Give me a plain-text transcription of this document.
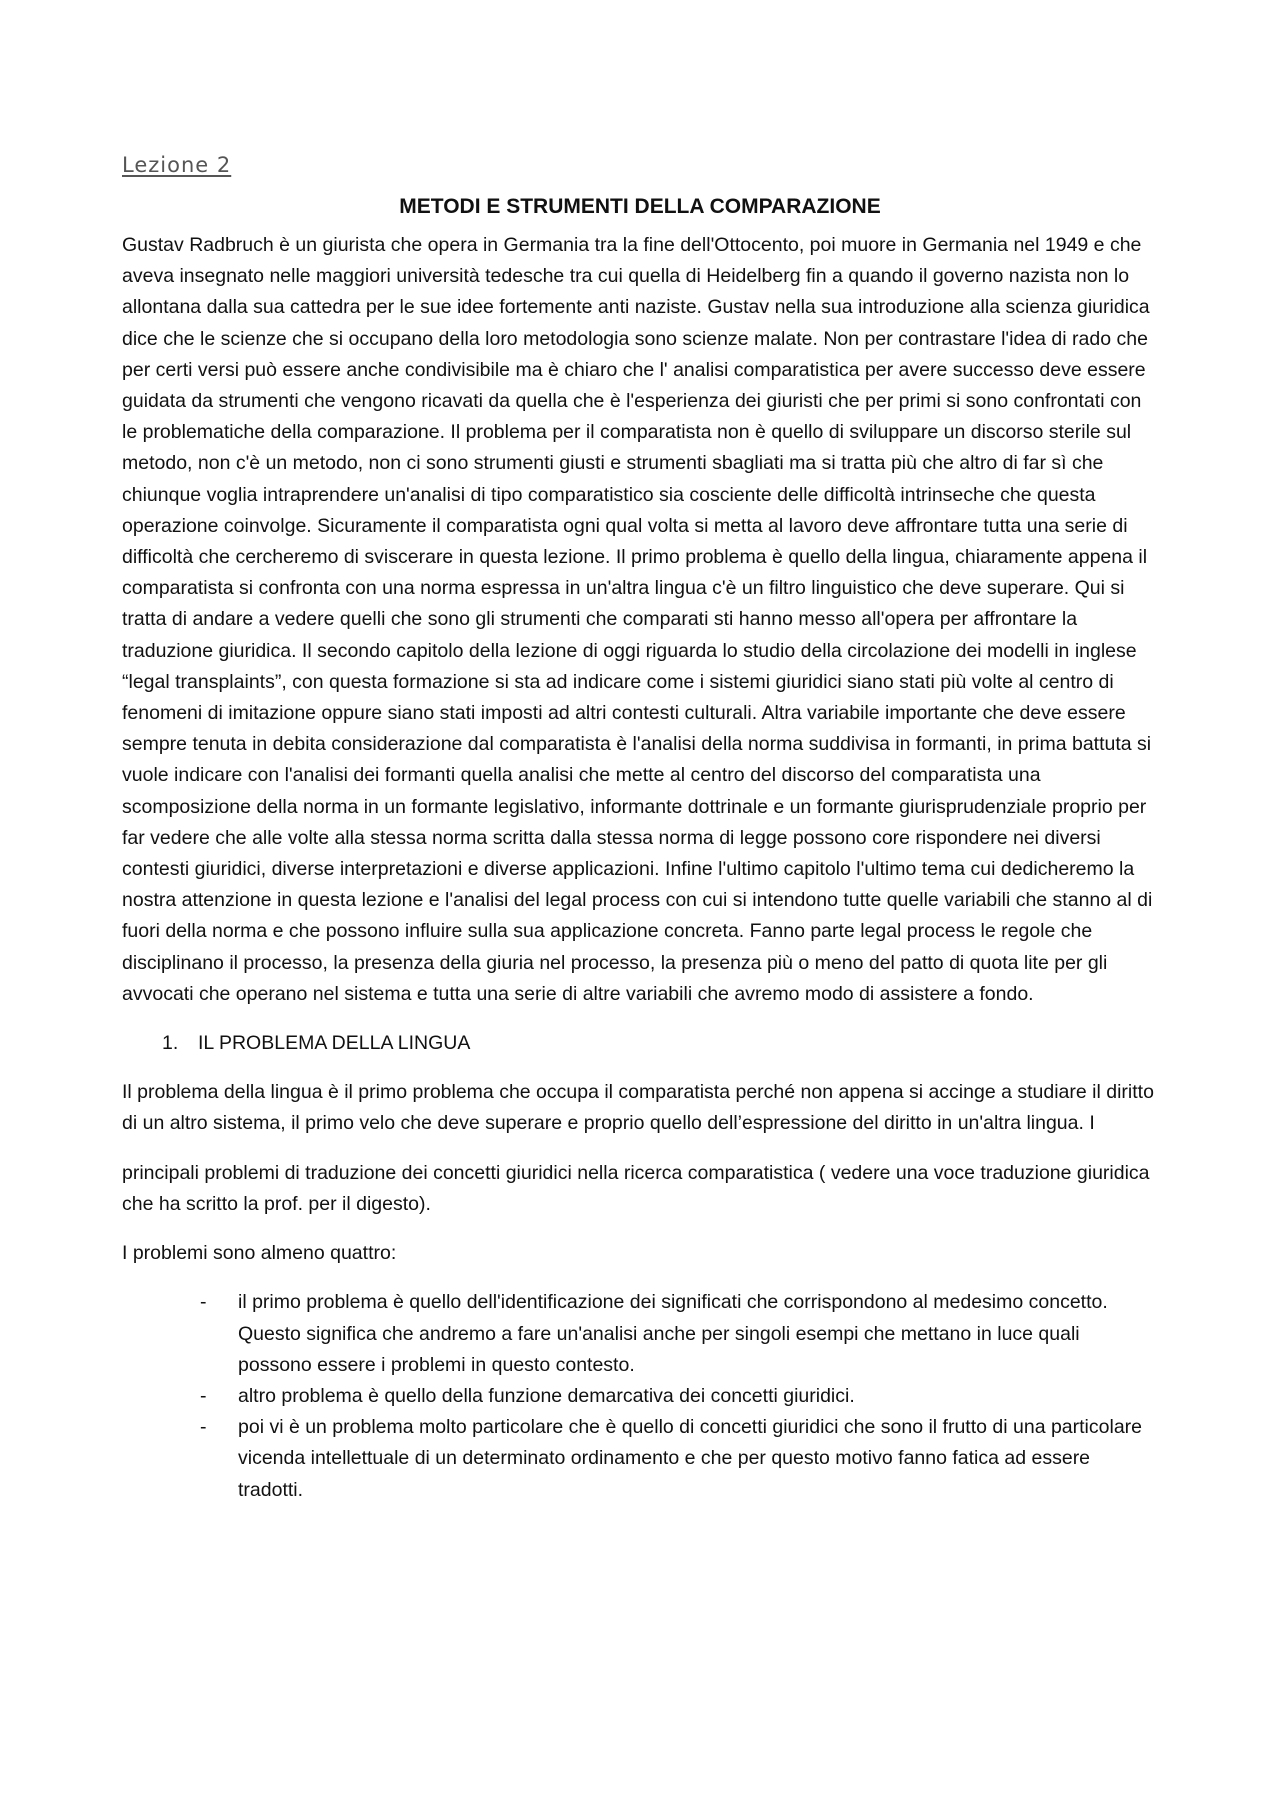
Lezione 2
METODI E STRUMENTI DELLA COMPARAZIONE

Gustav Radbruch è un giurista che opera in Germania tra la fine dell'Ottocento, poi muore in Germania nel 1949 e che aveva insegnato nelle maggiori università tedesche tra cui quella di Heidelberg fin a quando il governo nazista non lo allontana dalla sua cattedra per le sue idee fortemente anti naziste. Gustav nella sua introduzione alla scienza giuridica dice che le scienze che si occupano della loro metodologia sono scienze malate. Non per contrastare l'idea di rado che per certi versi può essere anche condivisibile ma è chiaro che l' analisi comparatistica per avere successo deve essere guidata da strumenti che vengono ricavati da quella che è l'esperienza dei giuristi che per primi si sono confrontati con le problematiche della comparazione. Il problema per il comparatista non è quello di sviluppare un discorso sterile sul metodo, non c'è un metodo, non ci sono strumenti giusti e strumenti sbagliati ma si tratta più che altro di far sì che chiunque voglia intraprendere un'analisi di tipo comparatistico sia cosciente delle difficoltà intrinseche che questa operazione coinvolge. Sicuramente il comparatista ogni qual volta si metta al lavoro deve affrontare tutta una serie di difficoltà che cercheremo di sviscerare in questa lezione. Il primo problema è quello della lingua, chiaramente appena il comparatista si confronta con una norma espressa in un'altra lingua c'è un filtro linguistico che deve superare. Qui si tratta di andare a vedere quelli che sono gli strumenti che comparati sti hanno messo all'opera per affrontare la traduzione giuridica. Il secondo capitolo della lezione di oggi riguarda lo studio della circolazione dei modelli in inglese “legal transplaints”, con questa formazione si sta ad indicare come i sistemi giuridici siano stati più volte al centro di fenomeni di imitazione oppure siano stati imposti ad altri contesti culturali. Altra variabile importante che deve essere sempre tenuta in debita considerazione dal comparatista è l'analisi della norma suddivisa in formanti, in prima battuta si vuole indicare con l'analisi dei formanti quella analisi che mette al centro del discorso del comparatista una scomposizione della norma in un formante legislativo, informante dottrinale e un formante giurisprudenziale proprio per far vedere che alle volte alla stessa norma scritta dalla stessa norma di legge possono core rispondere nei diversi contesti giuridici, diverse interpretazioni e diverse applicazioni. Infine l'ultimo capitolo l'ultimo tema cui dedicheremo la nostra attenzione in questa lezione e l'analisi del legal process con cui si intendono tutte quelle variabili che stanno al di fuori della norma e che possono influire sulla sua applicazione concreta. Fanno parte legal process le regole che disciplinano il processo, la presenza della giuria nel processo, la presenza più o meno del patto di quota lite per gli avvocati che operano nel sistema e tutta una serie di altre variabili che avremo modo di assistere a fondo.

1. IL PROBLEMA DELLA LINGUA

Il problema della lingua è il primo problema che occupa il comparatista perché non appena si accinge a studiare il diritto di un altro sistema, il primo velo che deve superare e proprio quello dell’espressione del diritto in un'altra lingua. I

principali problemi di traduzione dei concetti giuridici nella ricerca comparatistica ( vedere una voce traduzione giuridica che ha scritto la prof. per il digesto).

I problemi sono almeno quattro:

- il primo problema è quello dell'identificazione dei significati che corrispondono al medesimo concetto. Questo significa che andremo a fare un'analisi anche per singoli esempi che mettano in luce quali possono essere i problemi in questo contesto.
- altro problema è quello della funzione demarcativa dei concetti giuridici.
- poi vi è un problema molto particolare che è quello di concetti giuridici che sono il frutto di una particolare vicenda intellettuale di un determinato ordinamento e che per questo motivo fanno fatica ad essere tradotti.
